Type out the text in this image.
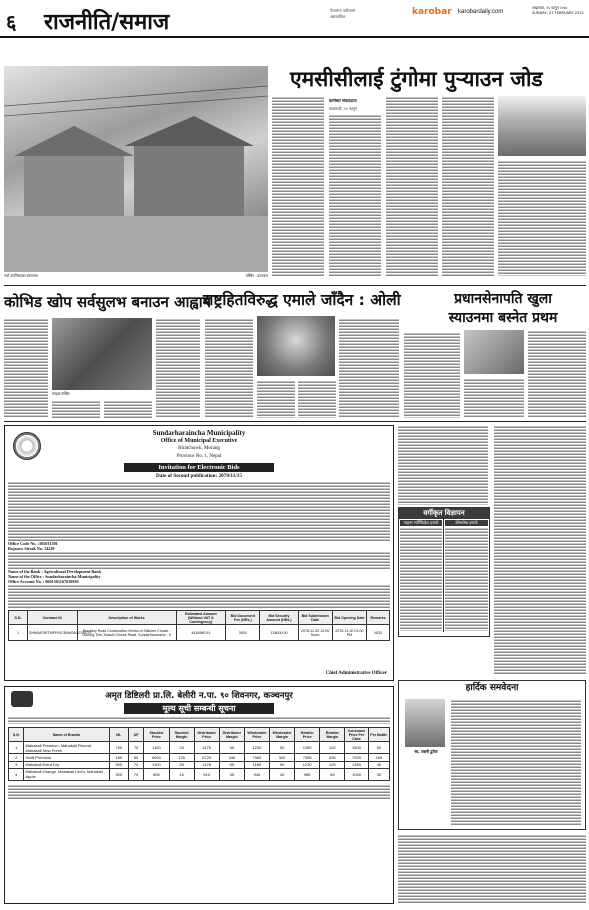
६ राजनीति/समाज	नेपालमा नवीनतम
अद्यावधिक	karobar karobardaily.com
आइतबार, १५ फागुन २०७८
SUNDAY, 27 FEBRUARY 2022
नयाँ उपनिषदका प्रांगणमा	तस्बिर : उज्ज्वल
एमसीसीलाई टुंगोमा पुऱ्याउन जोड
कारोबार संवाददाता
काठमाडौं, १४ फागुन
कोभिड खोप सर्वसुलभ बनाउन आह्वान
फाइल तस्बिर
राष्ट्रहितविरुद्ध एमाले जाँदैन : ओली	प्रधानसेनापति खुला
स्याउनमा बस्नेत प्रथम
Sundarharaincha Municipality
Office of Municipal Executive
Biratchowk, Morang
Province No. 1, Nepal
Invitation for Electronic Bids
Date of Second publication: 2078/11/15
Office Code No. :305031301
Rojasow Sirsak No. 14229
Name of the Bank : Agricultural Development Bank
Name of the Office : Sundarharaincha Municipality
Office Account No. : 0601501167630030
S.N.	Contract ID	Description of Works	Estimated Amount (Without VAT & Contingency)	Bid Document Fee (NRs.)	Bid Security Amount (NRs.)	Bid Submission Date	Bid Opening Date	Remarks
1	SHM/MOR/TMPP/NCB/W/08/2078/079	Blacktop Road Construction Works of Sikkime Chowk - Gurung Tole-Tulashi Chowk Road, Sundarharaincha - 5	4416980.91	3000	128000.00	2078-11-30 12:00 Noon	2078-11-30 01:00 PM	NCB
Chief Administrative Officer
अमृत डिष्टिलरी प्रा.लि. बेलीरी न.पा. ९० शिवनगर, कञ्चनपुर
मूल्य सूची सम्बन्धी सूचना
S.N.	Name of Brands	ML	UP	Stockist Price	Stockist Margin	Distributor Price	Distributor Margin	Wholesaler Price	Wholesaler Margin	Retailer Price	Retailer Margin	Consumer Price Per Case	Per Bottle
1	Mahakali Premium, Mahakali Flavour, Mahakali New Fresh	750	70	1150	25	1175	55	1230	50	1280	120	1500	50
2	Swift Premium	180	50	6600	125	6725	340	7065	320	7385	535	7920	165
3	Mahakali Extra Dry	300	70	1100	25	1125	55	1180	50	1230	120	1350	45
4	Mahakali Orange, Mahakali Litchi, Mahakali Apple	300	70	895	15	910	35	945	40	985	65	1050	35
वर्गीकृत विज्ञापन
माइनर सर्टिफिकेट हरायो	बीमालेख हरायो
हार्दिक समवेदना
स्व. लक्ष्मी ढुंगेल
